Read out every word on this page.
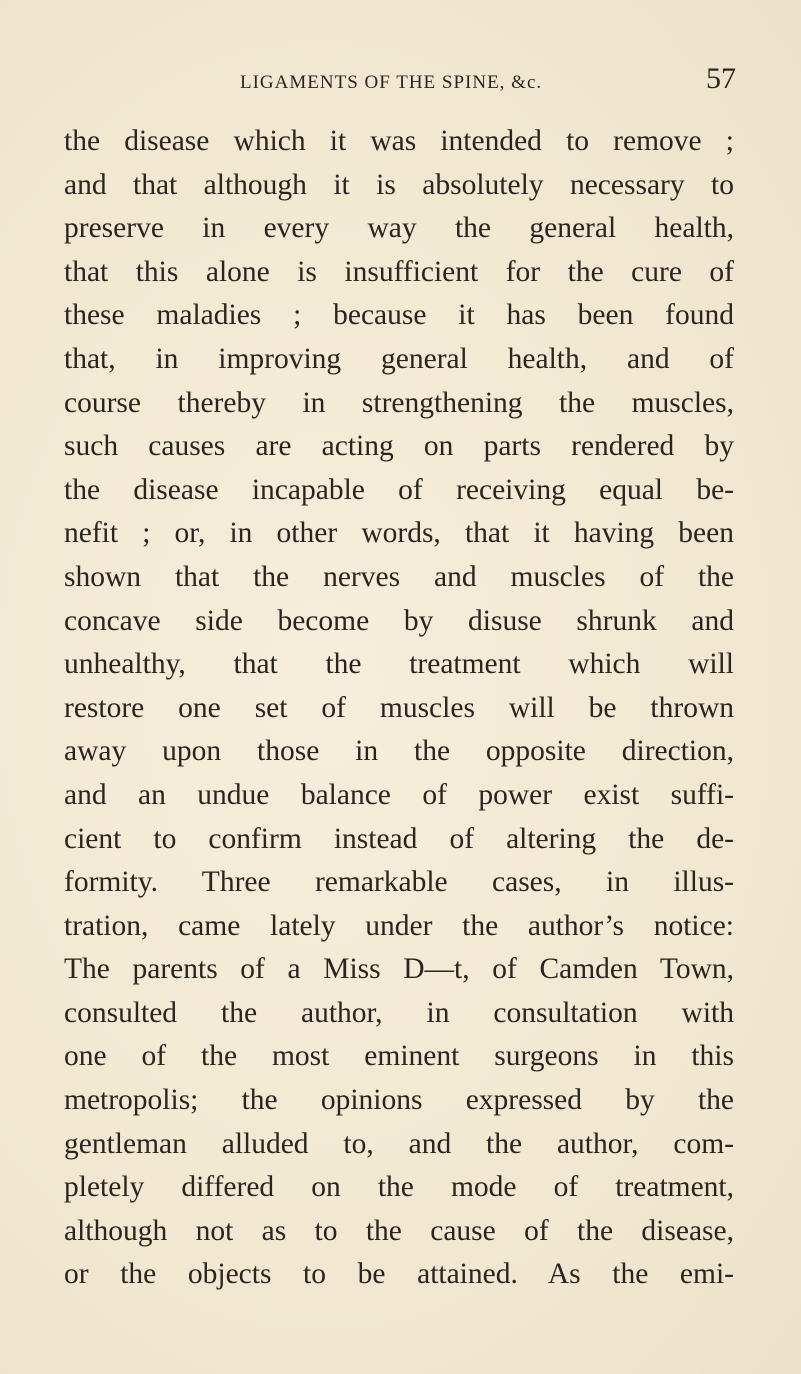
LIGAMENTS OF THE SPINE, &c.	57
the disease which it was intended to remove ;
and that although it is absolutely necessary to
preserve in every way the general health,
that this alone is insufficient for the cure of
these maladies ; because it has been found
that, in improving general health, and of
course thereby in strengthening the muscles,
such causes are acting on parts rendered by
the disease incapable of receiving equal be-
nefit ; or, in other words, that it having been
shown that the nerves and muscles of the
concave side become by disuse shrunk and
unhealthy, that the treatment which will
restore one set of muscles will be thrown
away upon those in the opposite direction,
and an undue balance of power exist suffi-
cient to confirm instead of altering the de-
formity. Three remarkable cases, in illus-
tration, came lately under the author’s notice:
The parents of a Miss D—t, of Camden Town,
consulted the author, in consultation with
one of the most eminent surgeons in this
metropolis; the opinions expressed by the
gentleman alluded to, and the author, com-
pletely differed on the mode of treatment,
although not as to the cause of the disease,
or the objects to be attained. As the emi-
